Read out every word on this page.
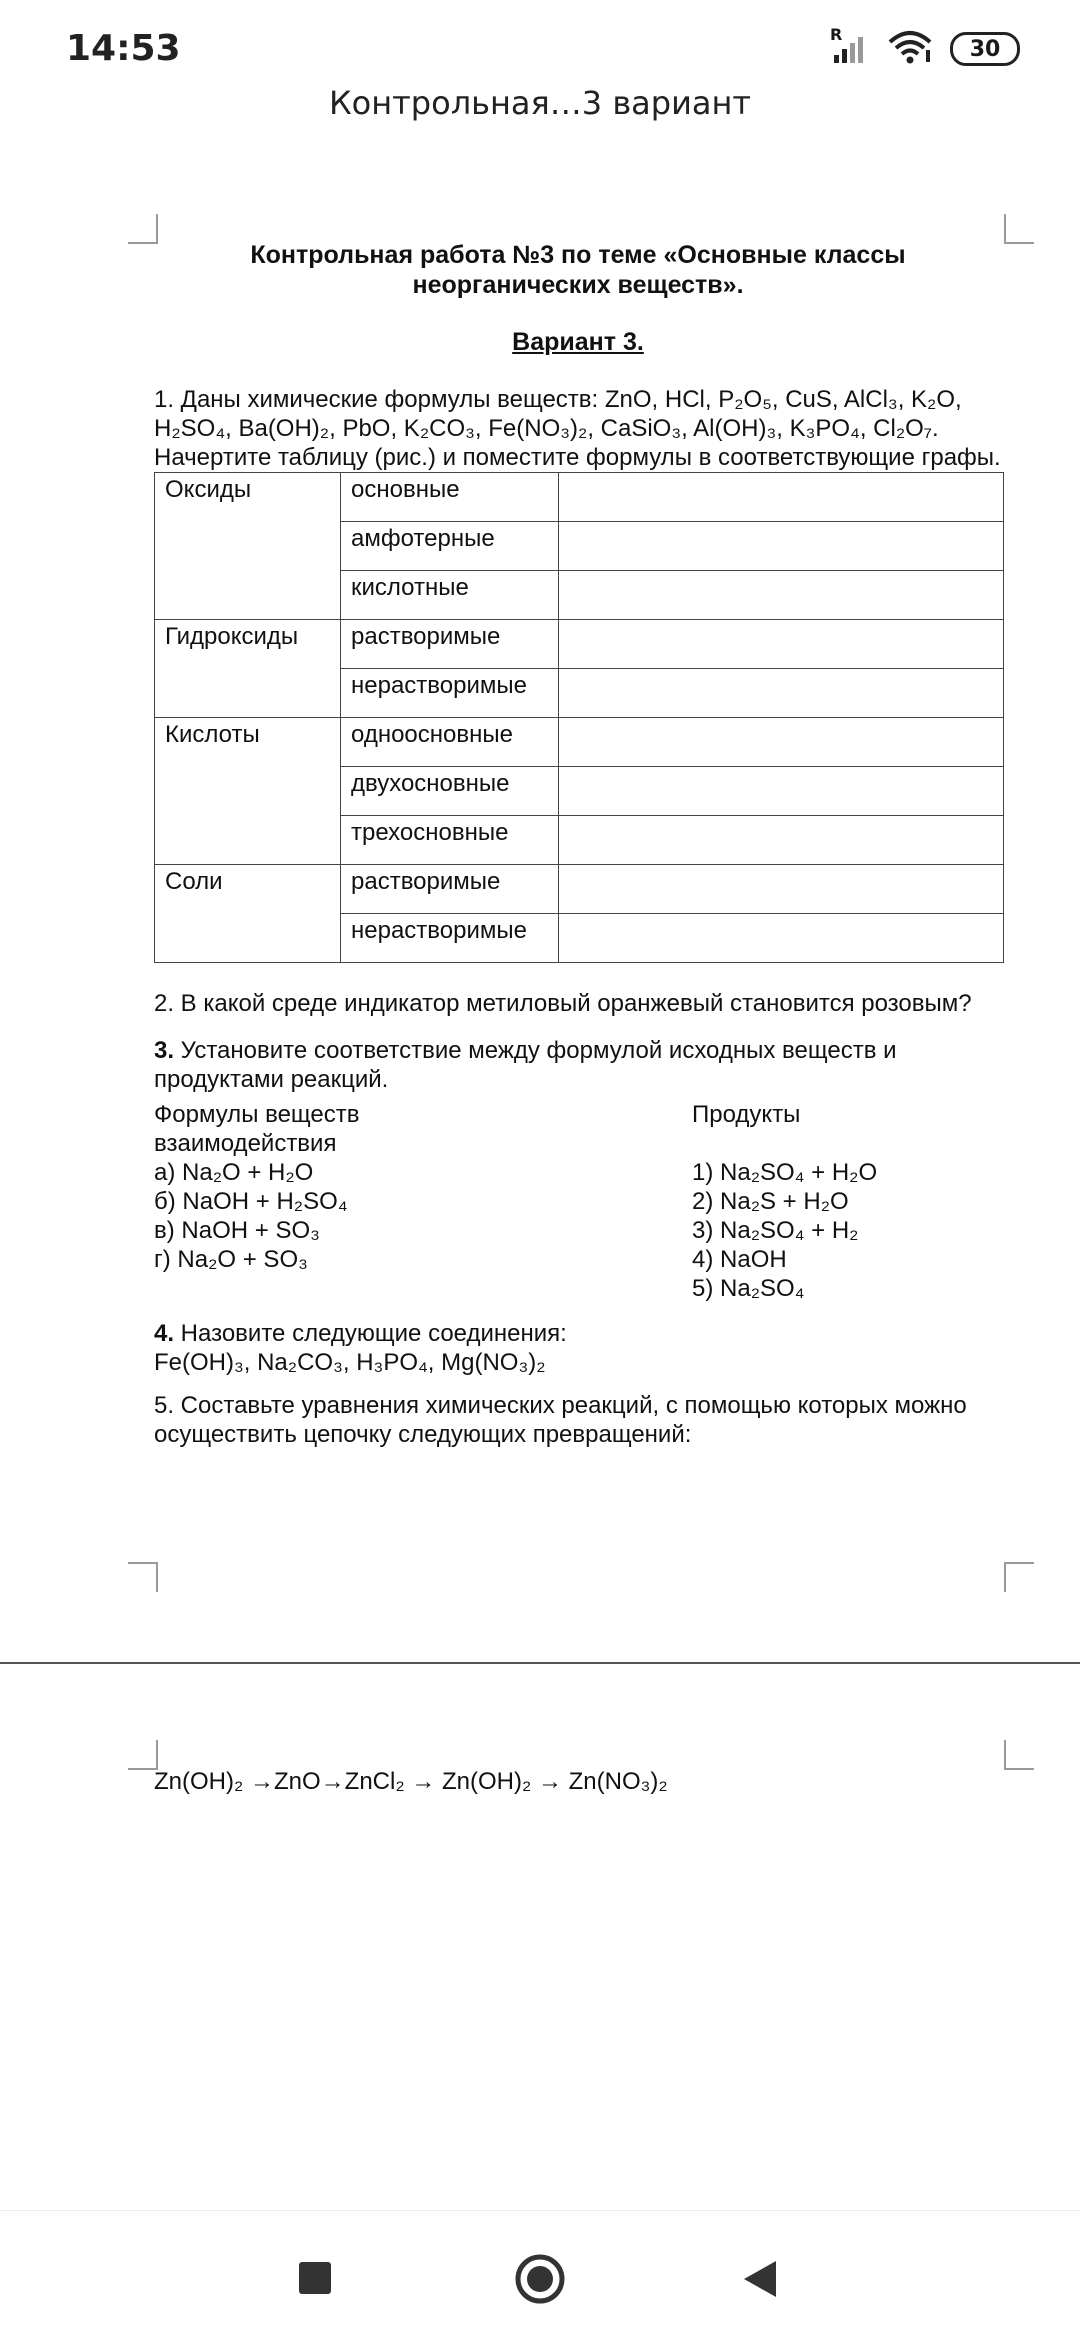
14:53	R
30
Контрольная…3 вариант
Контрольная работа №3 по теме «Основные классы неорганических веществ».
Вариант 3.

1. Даны химические формулы веществ: ZnO, HCl, P₂O₅, CuS, AlCl₃, K₂O, H₂SO₄, Ba(OH)₂, PbO, K₂CO₃, Fe(NO₃)₂, CaSiO₃, Al(OH)₃, K₃PO₄, Cl₂O₇.

Начертите таблицу (рис.) и поместите формулы в соответствующие графы.

Оксиды	основные	
	амфотерные	
	кислотные	
Гидроксиды	растворимые	
	нерастворимые	
Кислоты	одноосновные	
	двухосновные	
	трехосновные	
Соли	растворимые	
	нерастворимые	

2. В какой среде индикатор метиловый оранжевый становится розовым?

3. Установите соответствие между формулой исходных веществ и продуктами реакций.

Формулы веществ взаимодействия

а) Na₂O + H₂O

б) NaOH + H₂SO₄

в) NaOH + SO₃

г) Na₂O + SO₃

Продукты

1) Na₂SO₄ + H₂O

2) Na₂S + H₂O

3) Na₂SO₄ + H₂

4) NaOH

5) Na₂SO₄

4. Назовите следующие соединения:

Fe(OH)₃, Na₂CO₃, H₃PO₄, Mg(NO₃)₂

5. Составьте уравнения химических реакций, с помощью которых можно осуществить цепочку следующих превращений:

Zn(OH)₂ →ZnO→ZnCl₂ → Zn(OH)₂ → Zn(NO₃)₂
